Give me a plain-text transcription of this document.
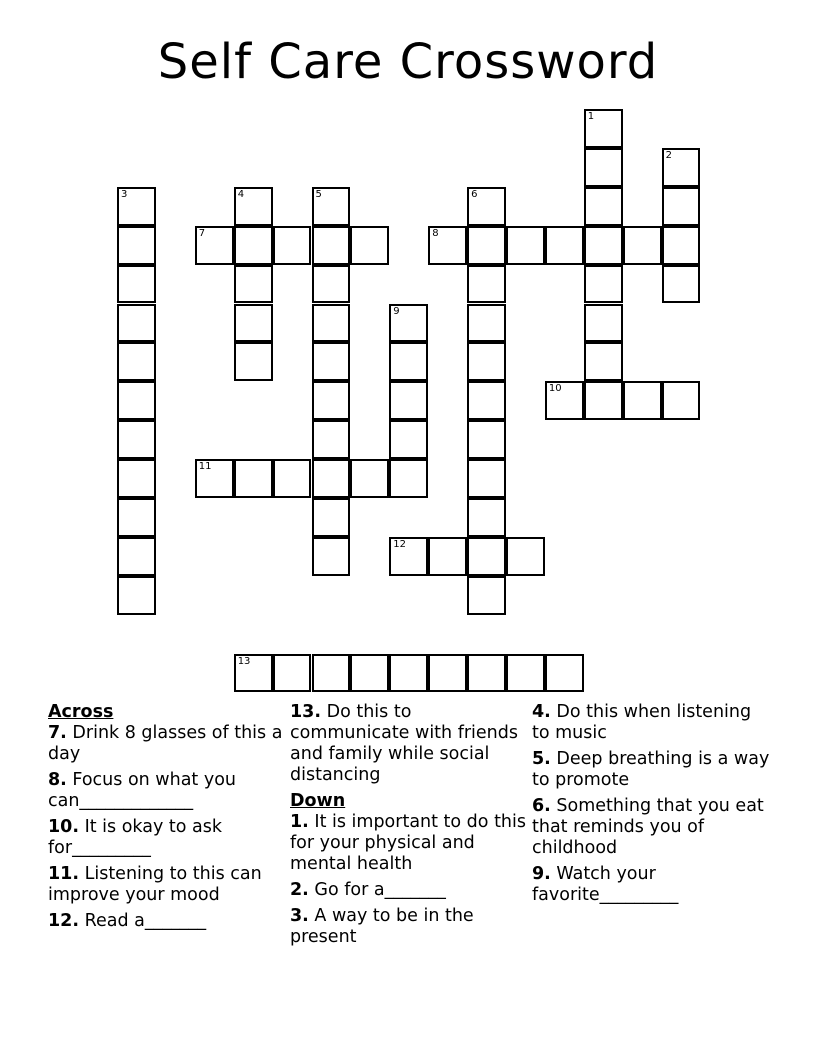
Self Care Crossword
1
2
3	4	5	6
7	8
9
10
11
12
13
Across
7. Drink 8 glasses of this a day
8. Focus on what you can_____________
10. It is okay to ask for_________
11. Listening to this can improve your mood
12. Read a_______
13. Do this to communicate with friends and family while social distancing
Down
1. It is important to do this for your physical and mental health
2. Go for a_______
3. A way to be in the present
4. Do this when listening to music
5. Deep breathing is a way to promote
6. Something that you eat that reminds you of childhood
9. Watch your favorite_________
